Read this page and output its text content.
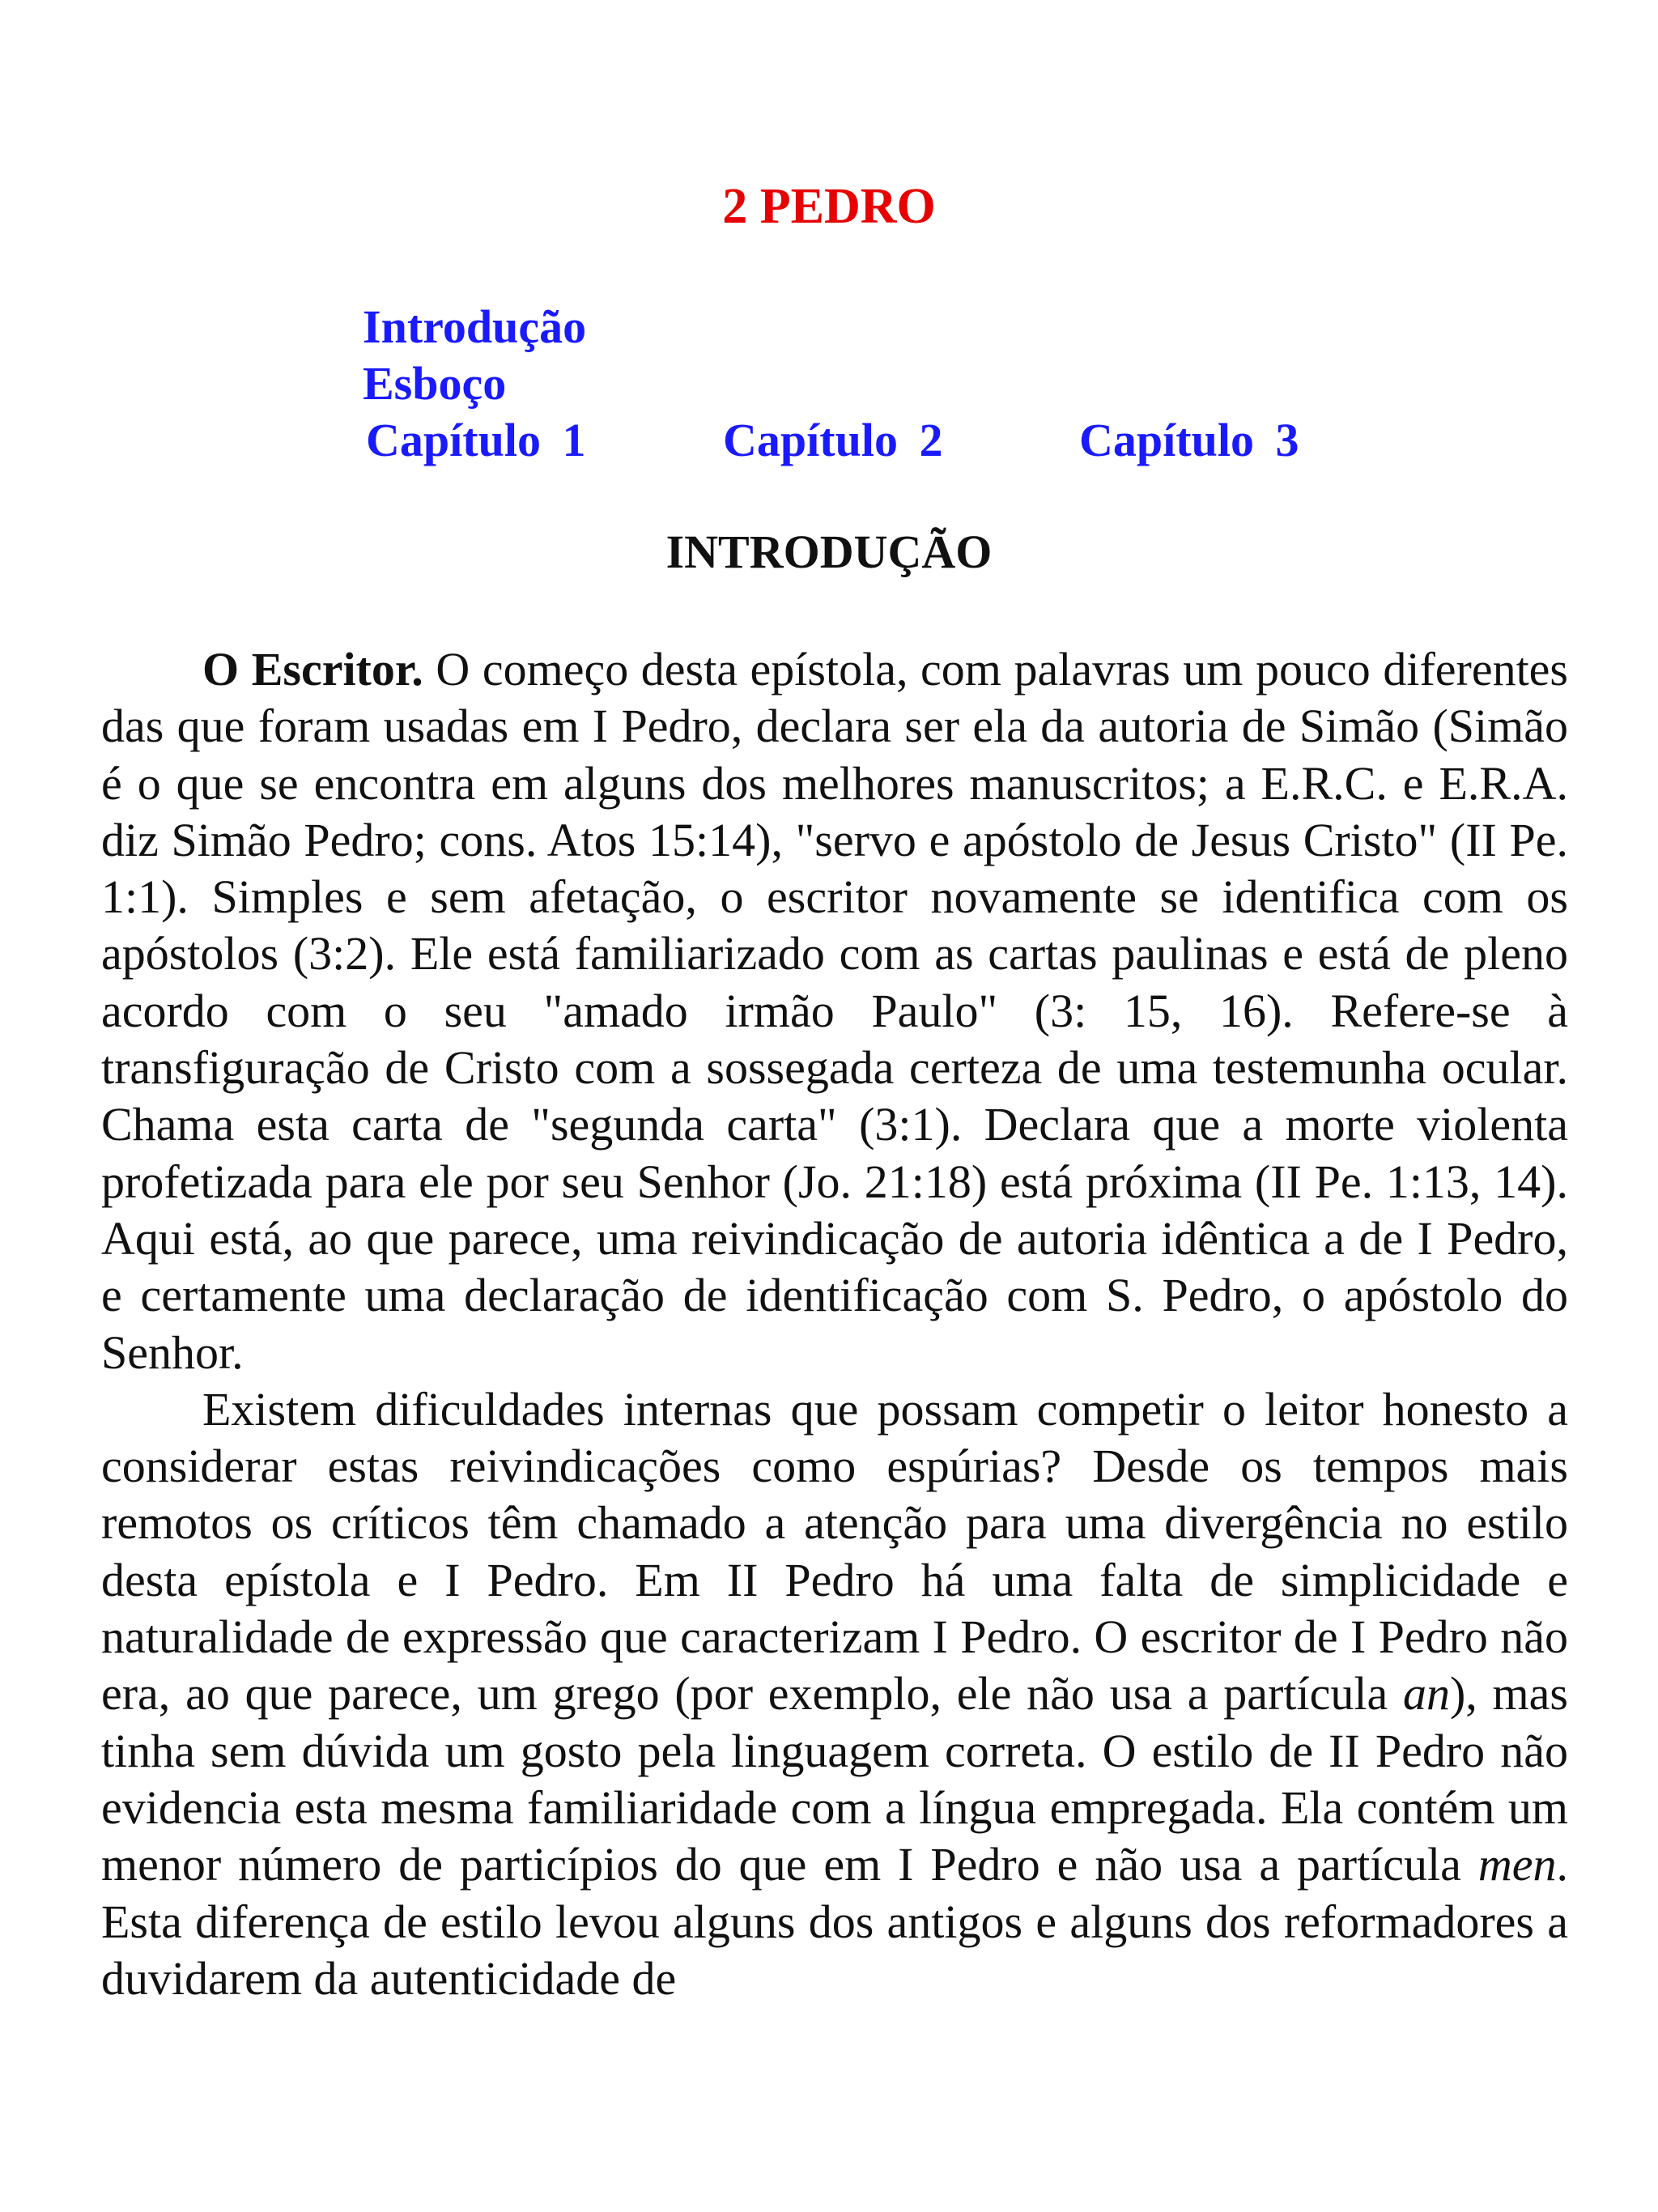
2 PEDRO
Introdução
Esboço
Capítulo 1	Capítulo 2	Capítulo 3
INTRODUÇÃO

O Escritor. O começo desta epístola, com palavras um pouco diferentes das que foram usadas em I Pedro, declara ser ela da autoria de Simão (Simão é o que se encontra em alguns dos melhores manuscritos; a E.R.C. e E.R.A. diz Simão Pedro; cons. Atos 15:14), "servo e apóstolo de Jesus Cristo" (II Pe. 1:1). Simples e sem afetação, o escritor novamente se identifica com os apóstolos (3:2). Ele está familiarizado com as cartas paulinas e está de pleno acordo com o seu "amado irmão Paulo" (3: 15, 16). Refere-se à transfiguração de Cristo com a sossegada certeza de uma testemunha ocular. Chama esta carta de "segunda carta" (3:1). Declara que a morte violenta profetizada para ele por seu Senhor (Jo. 21:18) está próxima (II Pe. 1:13, 14). Aqui está, ao que parece, uma reivindicação de autoria idêntica a de I Pedro, e certamente uma declaração de identificação com S. Pedro, o apóstolo do Senhor.

Existem dificuldades internas que possam competir o leitor honesto a considerar estas reivindicações como espúrias? Desde os tempos mais remotos os críticos têm chamado a atenção para uma divergência no estilo desta epístola e I Pedro. Em II Pedro há uma falta de simplicidade e naturalidade de expressão que caracterizam I Pedro. O escritor de I Pedro não era, ao que parece, um grego (por exemplo, ele não usa a partícula an), mas tinha sem dúvida um gosto pela linguagem correta. O estilo de II Pedro não evidencia esta mesma familiaridade com a língua empregada. Ela contém um menor número de particípios do que em I Pedro e não usa a partícula men. Esta diferença de estilo levou alguns dos antigos e alguns dos reformadores a duvidarem da autenticidade de
